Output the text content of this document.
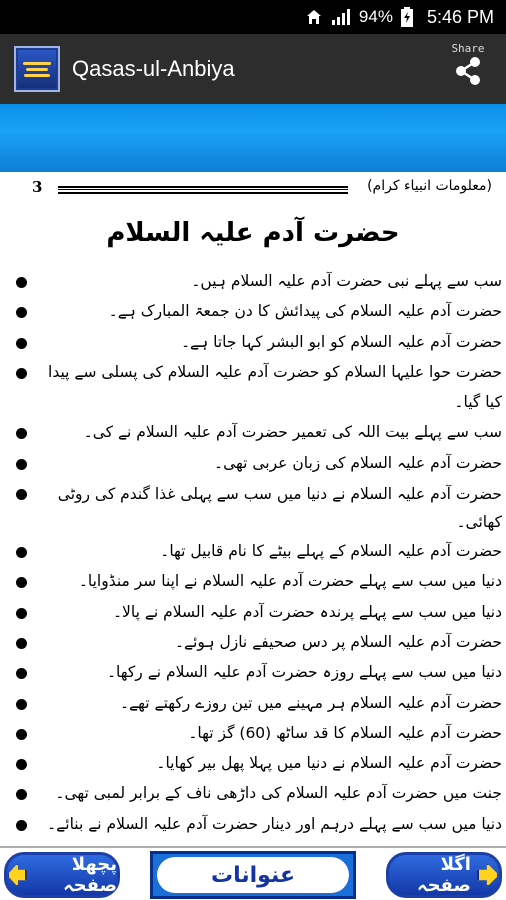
94% 5:46 PM
Qasas-ul-Anbiya
Share
3	(معلومات انبیاء کرام)
حضرت آدم علیہ السلام
سب سے پہلے نبی حضرت آدم علیہ السلام ہیں۔
حضرت آدم علیہ السلام کی پیدائش کا دن جمعۃ المبارک ہے۔
حضرت آدم علیہ السلام کو ابو البشر کہا جاتا ہے۔
حضرت حوا علیہا السلام کو حضرت آدم علیہ السلام کی پسلی سے پیدا کیا گیا۔
سب سے پہلے بیت اللہ کی تعمیر حضرت آدم علیہ السلام نے کی۔
حضرت آدم علیہ السلام کی زبان عربی تھی۔
حضرت آدم علیہ السلام نے دنیا میں سب سے پہلی غذا گندم کی روٹی کھائی۔
حضرت آدم علیہ السلام کے پہلے بیٹے کا نام قابیل تھا۔
دنیا میں سب سے پہلے حضرت آدم علیہ السلام نے اپنا سر منڈوایا۔
دنیا میں سب سے پہلے پرندہ حضرت آدم علیہ السلام نے پالا۔
حضرت آدم علیہ السلام پر دس صحیفے نازل ہوئے۔
دنیا میں سب سے پہلے روزہ حضرت آدم علیہ السلام نے رکھا۔
حضرت آدم علیہ السلام ہر مہینے میں تین روزے رکھتے تھے۔
حضرت آدم علیہ السلام کا قد ساٹھ (60) گز تھا۔
حضرت آدم علیہ السلام نے دنیا میں پہلا پھل بیر کھایا۔
جنت میں حضرت آدم علیہ السلام کی داڑھی ناف کے برابر لمبی تھی۔
دنیا میں سب سے پہلے درہم اور دینار حضرت آدم علیہ السلام نے بنائے۔
پچھلا صفحہ	عنوانات	اگلا صفحہ
